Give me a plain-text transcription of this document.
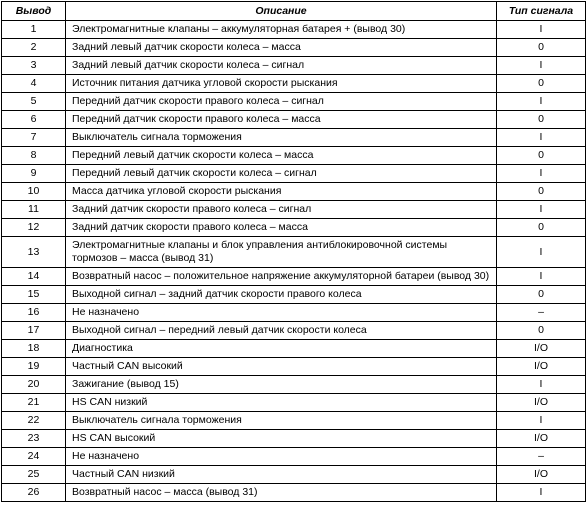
Вывод	Описание	Тип сигнала
1	Электромагнитные клапаны – аккумуляторная батарея + (вывод 30)	I
2	Задний левый датчик скорости колеса – масса	0
3	Задний левый датчик скорости колеса – сигнал	I
4	Источник питания датчика угловой скорости рыскания	0
5	Передний датчик скорости правого колеса – сигнал	I
6	Передний датчик скорости правого колеса – масса	0
7	Выключатель сигнала торможения	I
8	Передний левый датчик скорости колеса – масса	0
9	Передний левый датчик скорости колеса – сигнал	I
10	Масса датчика угловой скорости рыскания	0
11	Задний датчик скорости правого колеса – сигнал	I
12	Задний датчик скорости правого колеса – масса	0
13	Электромагнитные клапаны и блок управления антиблокировочной системы тормозов – масса (вывод 31)	I
14	Возвратный насос – положительное напряжение аккумуляторной батареи (вывод 30)	I
15	Выходной сигнал – задний датчик скорости правого колеса	0
16	Не назначено	–
17	Выходной сигнал – передний левый датчик скорости колеса	0
18	Диагностика	I/O
19	Частный CAN высокий	I/O
20	Зажигание (вывод 15)	I
21	HS CAN низкий	I/O
22	Выключатель сигнала торможения	I
23	HS CAN высокий	I/O
24	Не назначено	–
25	Частный CAN низкий	I/O
26	Возвратный насос – масса (вывод 31)	I
